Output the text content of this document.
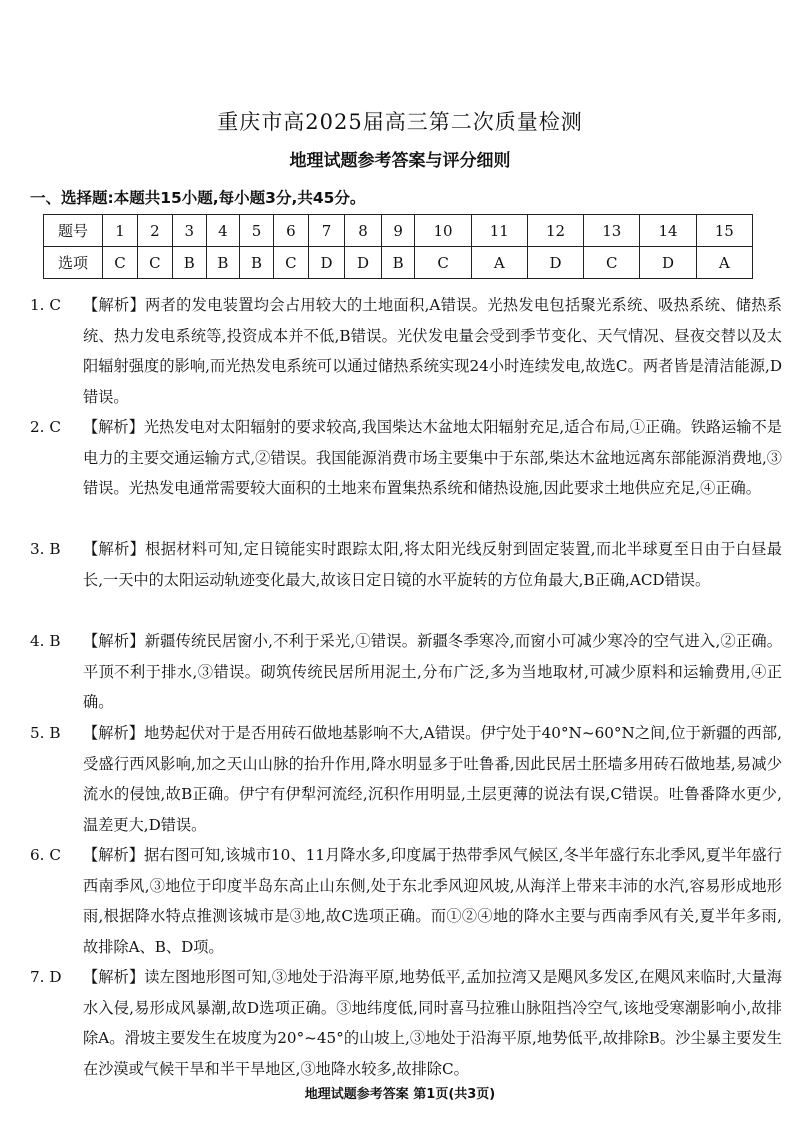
重庆市高2025届高三第二次质量检测
地理试题参考答案与评分细则
一、选择题:本题共15小题,每小题3分,共45分。
题号	1	2	3	4	5	6	7	8	9	10	11	12	13	14	15
选项	C	C	B	B	B	C	D	D	B	C	A	D	C	D	A
1. C	【解析】两者的发电装置均会占用较大的土地面积,A错误。光热发电包括聚光系统、吸热系统、储热系统、热力发电系统等,投资成本并不低,B错误。光伏发电量会受到季节变化、天气情况、昼夜交替以及太阳辐射强度的影响,而光热发电系统可以通过储热系统实现24小时连续发电,故选C。两者皆是清洁能源,D错误。
2. C	【解析】光热发电对太阳辐射的要求较高,我国柴达木盆地太阳辐射充足,适合布局,①正确。铁路运输不是电力的主要交通运输方式,②错误。我国能源消费市场主要集中于东部,柴达木盆地远离东部能源消费地,③错误。光热发电通常需要较大面积的土地来布置集热系统和储热设施,因此要求土地供应充足,④正确。
3. B	【解析】根据材料可知,定日镜能实时跟踪太阳,将太阳光线反射到固定装置,而北半球夏至日由于白昼最长,一天中的太阳运动轨迹变化最大,故该日定日镜的水平旋转的方位角最大,B正确,ACD错误。
4. B	【解析】新疆传统民居窗小,不利于采光,①错误。新疆冬季寒冷,而窗小可减少寒冷的空气进入,②正确。平顶不利于排水,③错误。砌筑传统民居所用泥土,分布广泛,多为当地取材,可减少原料和运输费用,④正确。
5. B	【解析】地势起伏对于是否用砖石做地基影响不大,A错误。伊宁处于40°N~60°N之间,位于新疆的西部,受盛行西风影响,加之天山山脉的抬升作用,降水明显多于吐鲁番,因此民居土胚墙多用砖石做地基,易减少流水的侵蚀,故B正确。伊宁有伊犁河流经,沉积作用明显,土层更薄的说法有误,C错误。吐鲁番降水更少,温差更大,D错误。
6. C	【解析】据右图可知,该城市10、11月降水多,印度属于热带季风气候区,冬半年盛行东北季风,夏半年盛行西南季风,③地位于印度半岛东高止山东侧,处于东北季风迎风坡,从海洋上带来丰沛的水汽,容易形成地形雨,根据降水特点推测该城市是③地,故C选项正确。而①②④地的降水主要与西南季风有关,夏半年多雨,故排除A、B、D项。
7. D	【解析】读左图地形图可知,③地处于沿海平原,地势低平,孟加拉湾又是飓风多发区,在飓风来临时,大量海水入侵,易形成风暴潮,故D选项正确。③地纬度低,同时喜马拉雅山脉阻挡冷空气,该地受寒潮影响小,故排除A。滑坡主要发生在坡度为20°~45°的山坡上,③地处于沿海平原,地势低平,故排除B。沙尘暴主要发生在沙漠或气候干旱和半干旱地区,③地降水较多,故排除C。
地理试题参考答案 第1页(共3页)
